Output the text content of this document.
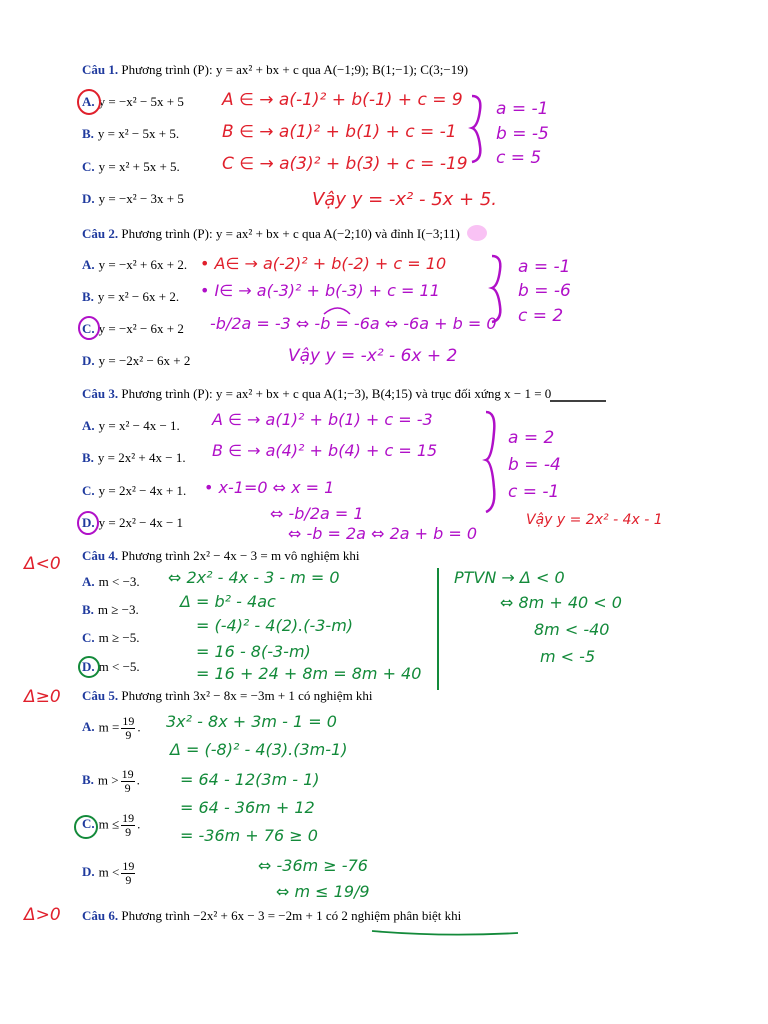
Câu 1. Phương trình (P): y = ax² + bx + c qua A(−1;9); B(1;−1); C(3;−19)
A. y = −x² − 5x + 5
B. y = x² − 5x + 5.
C. y = x² + 5x + 5.
D. y = −x² − 3x + 5
A ∈ → a(-1)² + b(-1) + c = 9
B ∈ → a(1)² + b(1) + c = -1
C ∈ → a(3)² + b(3) + c = -19
a = -1
b = -5
c = 5
Vậy y = -x² - 5x + 5.
Câu 2. Phương trình (P): y = ax² + bx + c qua A(−2;10) và đỉnh I(−3;11)
A. y = −x² + 6x + 2.
B. y = x² − 6x + 2.
C. y = −x² − 6x + 2
D. y = −2x² − 6x + 2
• A∈ → a(-2)² + b(-2) + c = 10
• I∈ → a(-3)² + b(-3) + c = 11
-b/2a = -3 ⇔ -b = -6a ⇔ -6a + b = 0
a = -1
b = -6
c = 2
Vậy y = -x² - 6x + 2
Câu 3. Phương trình (P): y = ax² + bx + c qua A(1;−3), B(4;15) và trục đối xứng x − 1 = 0
A. y = x² − 4x − 1.
B. y = 2x² + 4x − 1.
C. y = 2x² − 4x + 1.
D. y = 2x² − 4x − 1
A ∈ → a(1)² + b(1) + c = -3
B ∈ → a(4)² + b(4) + c = 15
• x-1=0 ⇔ x = 1
⇔ -b/2a = 1
⇔ -b = 2a ⇔ 2a + b = 0
a = 2
b = -4
c = -1
Vậy y = 2x² - 4x - 1
Δ<0 Câu 4. Phương trình 2x² − 4x − 3 = m vô nghiệm khi
A. m < −3.
B. m ≥ −3.
C. m ≥ −5.
D. m < −5.
⇔ 2x² - 4x - 3 - m = 0
Δ = b² - 4ac
= (-4)² - 4(2).(-3-m)
= 16 - 8(-3-m)
= 16 + 24 + 8m = 8m + 40
PTVN → Δ < 0
⇔ 8m + 40 < 0
8m < -40
m < -5
Δ≥0 Câu 5. Phương trình 3x² − 8x = −3m + 1 có nghiệm khi
A. $m = \frac{19}{9}$ .
B. $m > \frac{19}{9}$ .
C. $m \le \frac{19}{9}$ .
D. $m < \frac{19}{9}$
3x² - 8x + 3m - 1 = 0
Δ = (-8)² - 4(3).(3m-1)
= 64 - 12(3m - 1)
= 64 - 36m + 12
= -36m + 76 ≥ 0
⇔ -36m ≥ -76
⇔ m ≤ 19/9
Δ>0 Câu 6. Phương trình −2x² + 6x − 3 = −2m + 1 có 2 nghiệm phân biệt khi
